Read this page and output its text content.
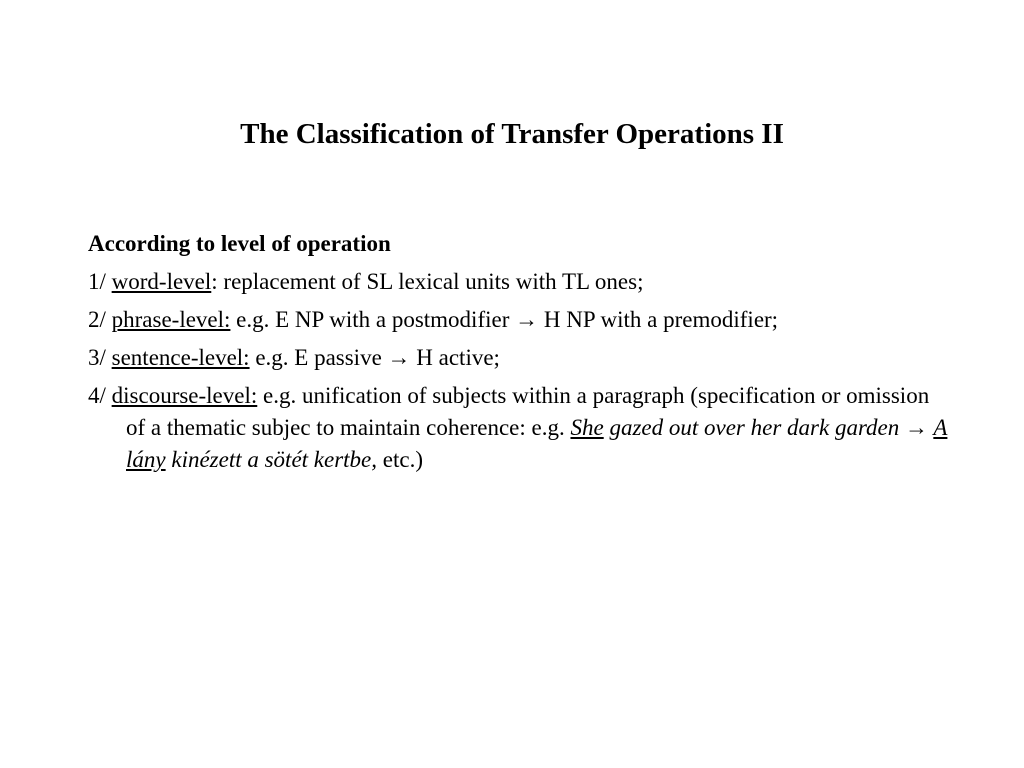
The Classification of Transfer Operations II
According to level of operation
1/ word-level: replacement of SL lexical units with TL ones;
2/ phrase-level: e.g. E NP with a postmodifier → H NP with a premodifier;
3/ sentence-level: e.g. E passive → H active;
4/ discourse-level: e.g. unification of subjects within a paragraph (specification or omission of a thematic subjec to maintain coherence: e.g. She gazed out over her dark garden → A lány kinézett a sötét kertbe, etc.)
